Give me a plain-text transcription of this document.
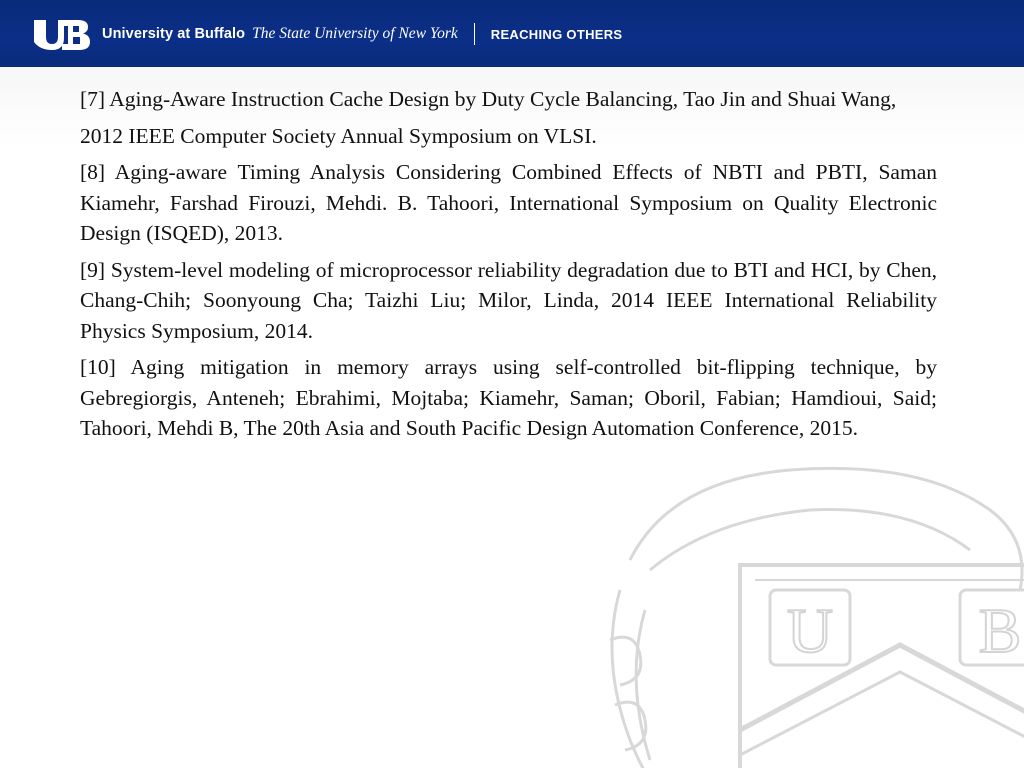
University at Buffalo The State University of New York	REACHING OTHERS
U B

[7] Aging-Aware Instruction Cache Design by Duty Cycle Balancing, Tao Jin and Shuai Wang,

2012 IEEE Computer Society Annual Symposium on VLSI.

[8] Aging-aware Timing Analysis Considering Combined Effects of NBTI and PBTI, Saman Kiamehr, Farshad Firouzi, Mehdi. B. Tahoori, International Symposium on Quality Electronic Design (ISQED), 2013.

[9] System-level modeling of microprocessor reliability degradation due to BTI and HCI, by Chen, Chang-Chih; Soonyoung Cha; Taizhi Liu; Milor, Linda, 2014 IEEE International Reliability Physics Symposium, 2014.

[10] Aging mitigation in memory arrays using self-controlled bit-flipping technique, by Gebregiorgis, Anteneh; Ebrahimi, Mojtaba; Kiamehr, Saman; Oboril, Fabian; Hamdioui, Said; Tahoori, Mehdi B, The 20th Asia and South Pacific Design Automation Conference, 2015.
